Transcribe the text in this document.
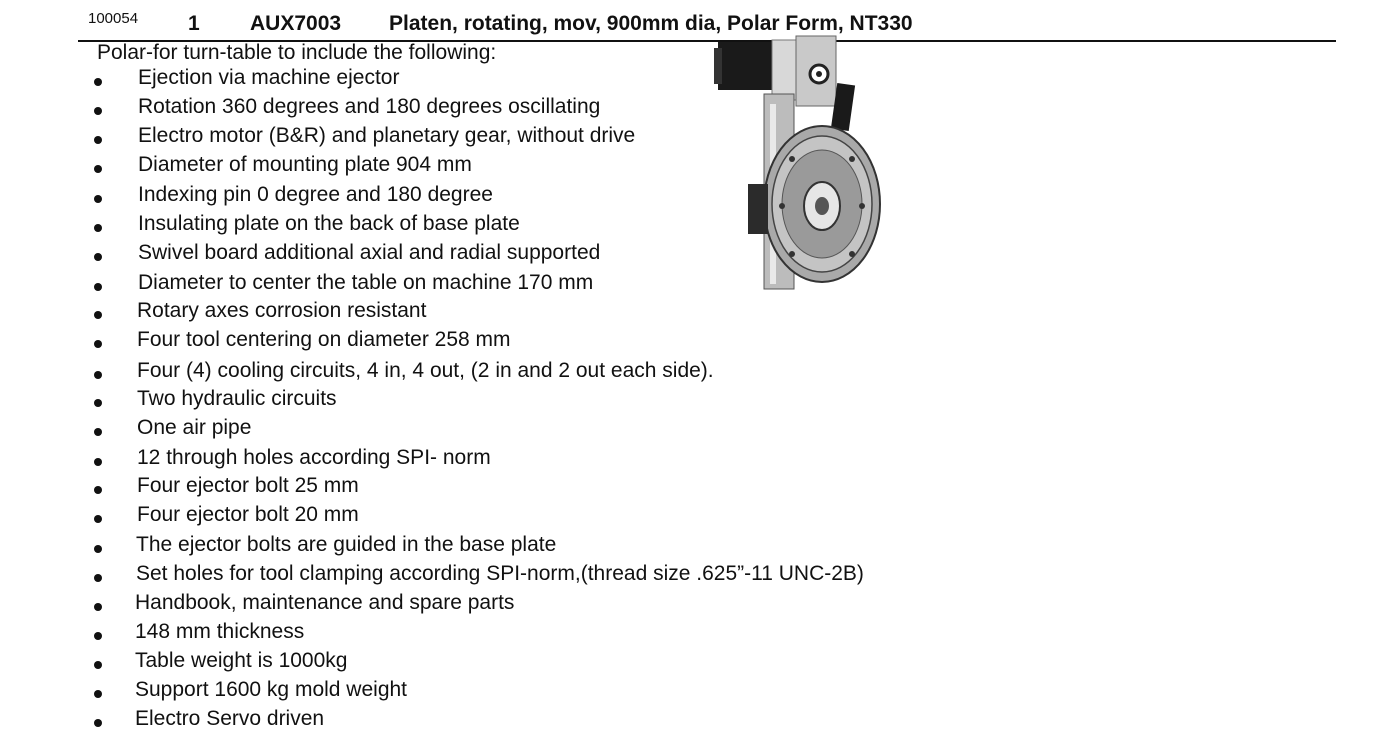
100054 1 AUX7003 Platen, rotating, mov, 900mm dia, Polar Form, NT330
Polar-for turn-table to include the following:
Ejection via machine ejector
Rotation 360 degrees and 180 degrees oscillating
Electro motor (B&R) and planetary gear, without drive
Diameter of mounting plate 904 mm
Indexing pin 0 degree and 180 degree
Insulating plate on the back of base plate
Swivel board additional axial and radial supported
Diameter to center the table on machine 170 mm
Rotary axes corrosion resistant
Four tool centering on diameter 258 mm
Four (4) cooling circuits, 4 in, 4 out, (2 in and 2 out each side).
Two hydraulic circuits
One air pipe
12 through holes according SPI- norm
Four ejector bolt 25 mm
Four ejector bolt 20 mm
The ejector bolts are guided in the base plate
Set holes for tool clamping according SPI-norm,(thread size .625”-11 UNC-2B)
Handbook, maintenance and spare parts
148 mm thickness
Table weight is 1000kg
Support 1600 kg mold weight
Electro Servo driven
